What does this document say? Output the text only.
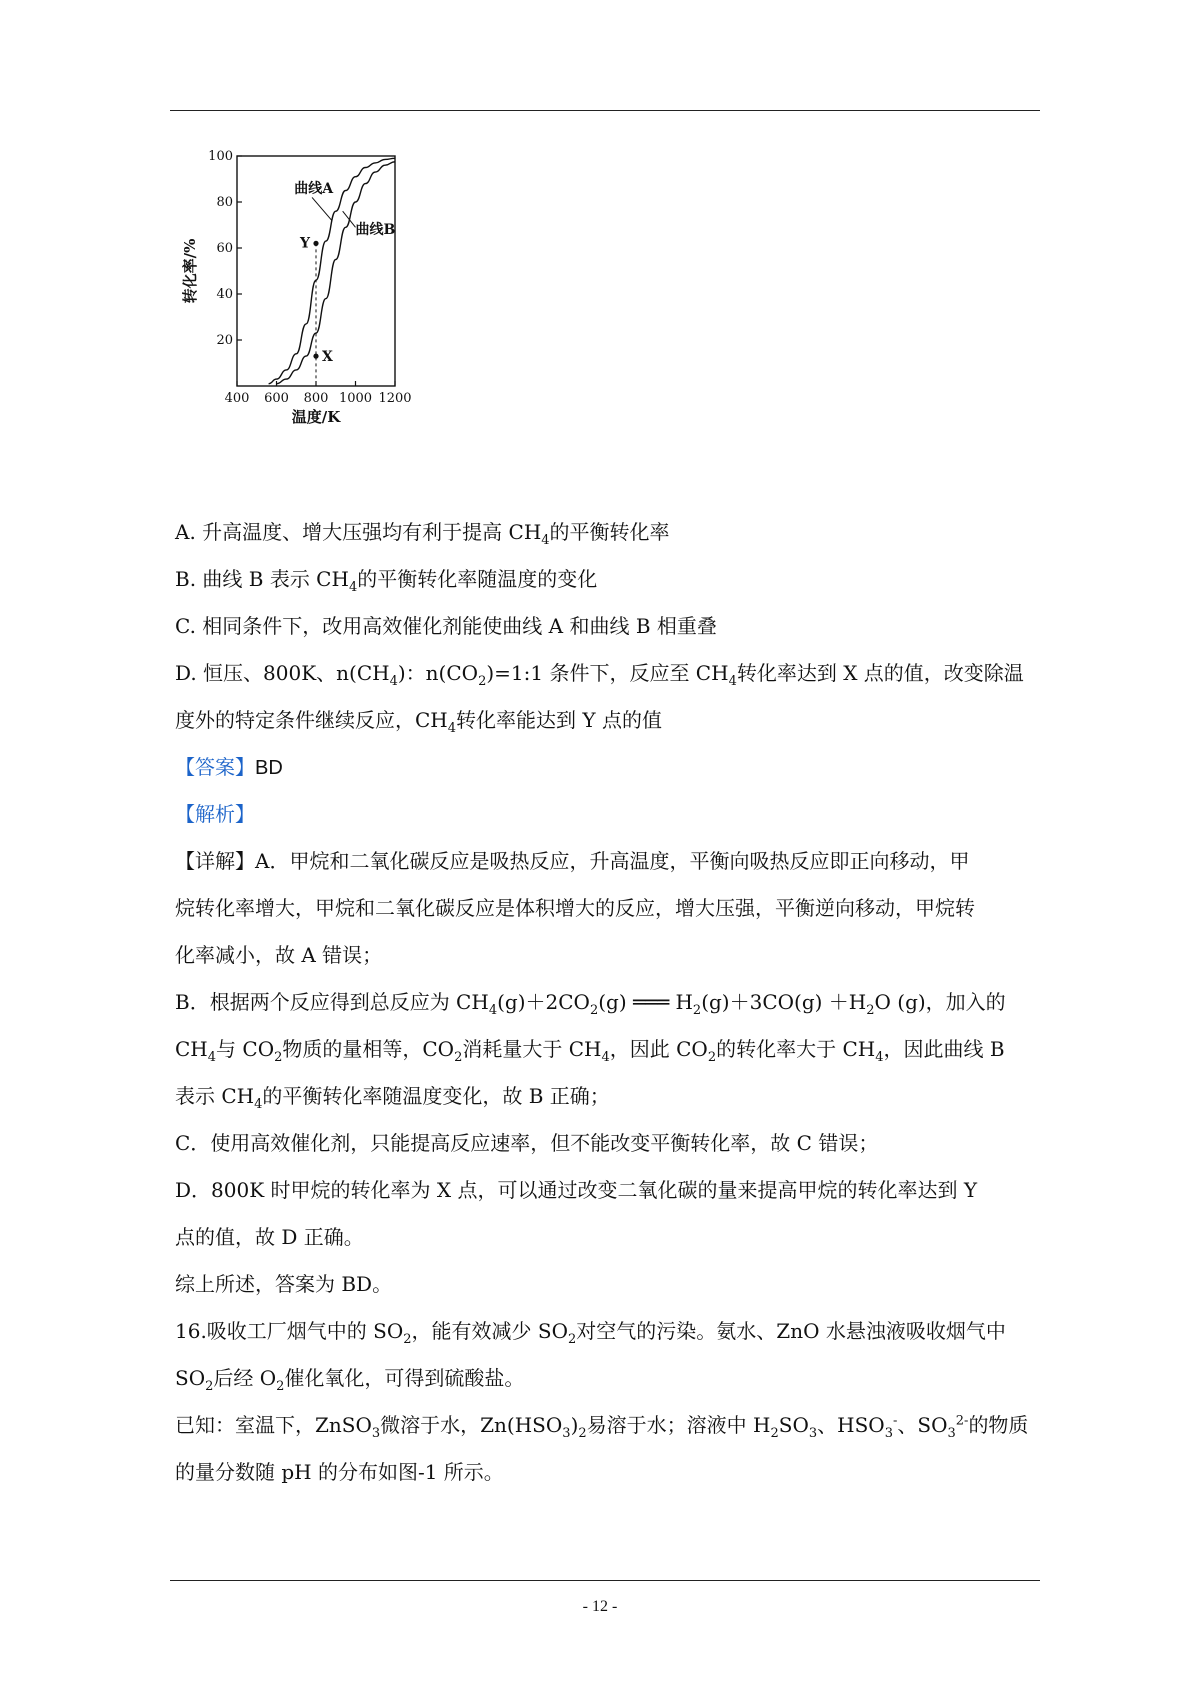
20
40
60
80
100
400 600 800 1000 1200
温度/K
转化率/%
曲线A
曲线B
Y
X
A. 升高温度、增大压强均有利于提高 $CH_4$的平衡转化率
B. 曲线 B 表示 $CH_4$的平衡转化率随温度的变化
C. 相同条件下，改用高效催化剂能使曲线 A 和曲线 B 相重叠
D. 恒压、800K、$n(CH_4)$：$n(CO_2)=1:1$ 条件下，反应至 $CH_4$转化率达到 X 点的值，改变除温
度外的特定条件继续反应，$CH_4$转化率能达到 Y 点的值
【答案】BD
【解析】
【详解】A．甲烷和二氧化碳反应是吸热反应，升高温度，平衡向吸热反应即正向移动，甲
烷转化率增大，甲烷和二氧化碳反应是体积增大的反应，增大压强，平衡逆向移动，甲烷转
化率减小，故 A 错误；
B．根据两个反应得到总反应为 $CH_4(g)+2CO_2(g)$ ═══ $H_2(g)+3CO(g) +H_2O$ (g)，加入的
$CH_4$与 $CO_2$物质的量相等，$CO_2$消耗量大于 $CH_4$，因此 $CO_2$的转化率大于 $CH_4$，因此曲线 B
表示 $CH_4$的平衡转化率随温度变化，故 B 正确；
C．使用高效催化剂，只能提高反应速率，但不能改变平衡转化率，故 C 错误；
D．800K 时甲烷的转化率为 X 点，可以通过改变二氧化碳的量来提高甲烷的转化率达到 Y
点的值，故 D 正确。
综上所述，答案为 BD。
16.吸收工厂烟气中的 $SO_2$，能有效减少 $SO_2$对空气的污染。氨水、ZnO 水悬浊液吸收烟气中
$SO_2$后经 $O_2$催化氧化，可得到硫酸盐。
已知：室温下，ZnSO$_3$微溶于水，$Zn(HSO_3)_2$易溶于水；溶液中 $H_2SO_3$、$HSO_3^-$、$SO_3^{2-}$的物质
的量分数随 pH 的分布如图-1 所示。
- 12 -
